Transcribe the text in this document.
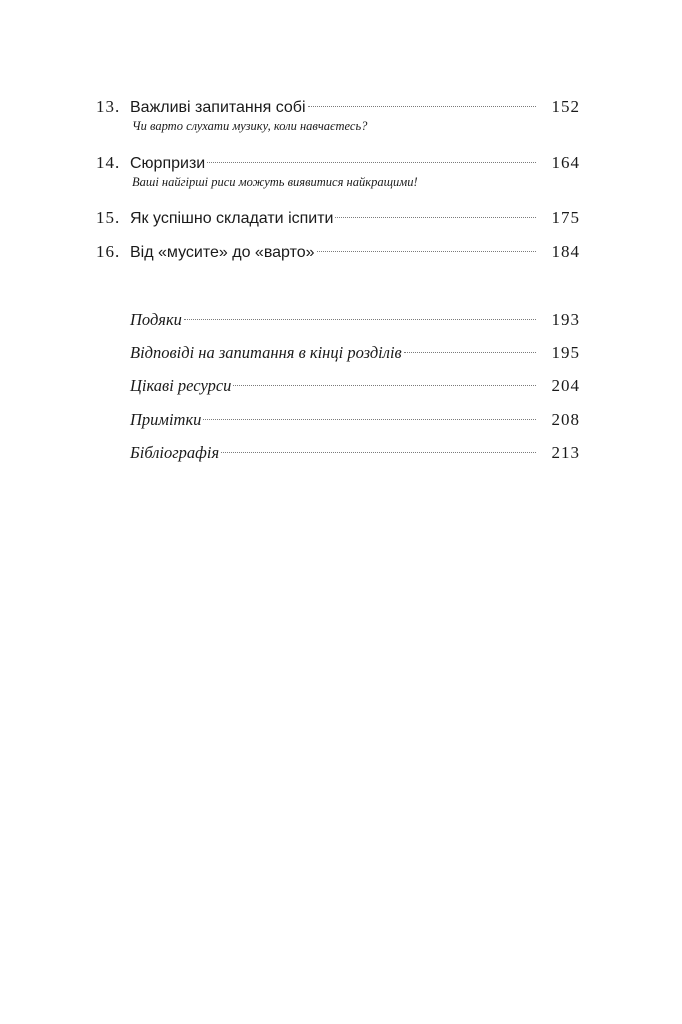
13. Важливі запитання собі	152
Чи варто слухати музику, коли навчаєтесь?
14. Сюрпризи	164
Ваші найгірші риси можуть виявитися найкращими!
15. Як успішно складати іспити	175
16. Від «мусите» до «варто»	184
Подяки	193
Відповіді на запитання в кінці розділів	195
Цікаві ресурси	204
Примітки	208
Бібліографія	213
